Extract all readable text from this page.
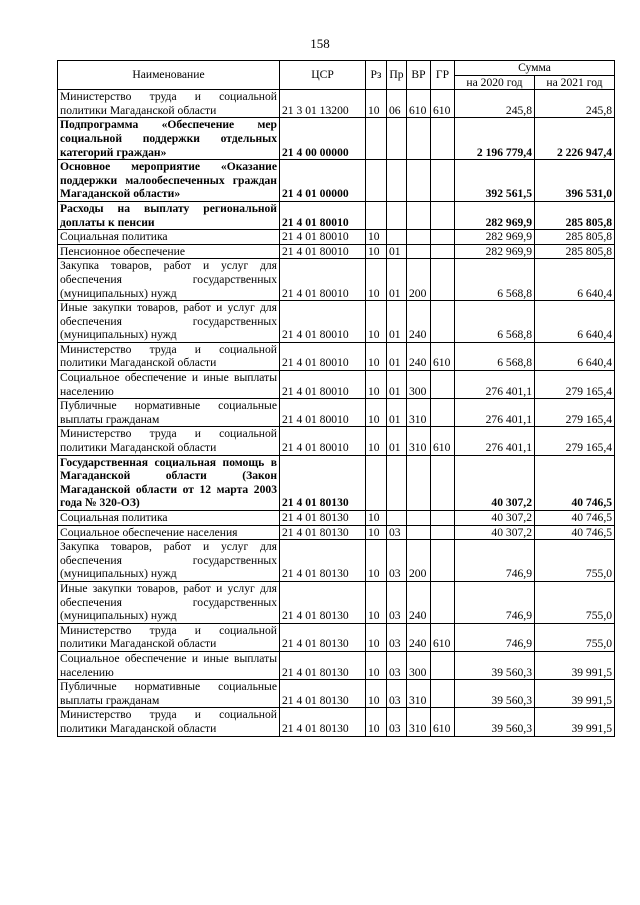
158
Наименование	ЦСР	Рз	Пр	ВР	ГР	Сумма	
						на 2020 год	на 2021 год
Министерство труда и социальной политики Магаданской области	21 3 01 13200	10	06	610	610	245,8	245,8
Подпрограмма «Обеспечение мер социальной поддержки отдельных категорий граждан»	21 4 00 00000					2 196 779,4	2 226 947,4
Основное мероприятие «Оказание поддержки малообеспеченных граждан Магаданской области»	21 4 01 00000					392 561,5	396 531,0
Расходы на выплату региональной доплаты к пенсии	21 4 01 80010					282 969,9	285 805,8
Социальная политика	21 4 01 80010	10				282 969,9	285 805,8
Пенсионное обеспечение	21 4 01 80010	10	01			282 969,9	285 805,8
Закупка товаров, работ и услуг для обеспечения государственных (муниципальных) нужд	21 4 01 80010	10	01	200		6 568,8	6 640,4
Иные закупки товаров, работ и услуг для обеспечения государственных (муниципальных) нужд	21 4 01 80010	10	01	240		6 568,8	6 640,4
Министерство труда и социальной политики Магаданской области	21 4 01 80010	10	01	240	610	6 568,8	6 640,4
Социальное обеспечение и иные выплаты населению	21 4 01 80010	10	01	300		276 401,1	279 165,4
Публичные нормативные социальные выплаты гражданам	21 4 01 80010	10	01	310		276 401,1	279 165,4
Министерство труда и социальной политики Магаданской области	21 4 01 80010	10	01	310	610	276 401,1	279 165,4
Государственная социальная помощь в Магаданской области (Закон Магаданской области от 12 марта 2003 года № 320-ОЗ)	21 4 01 80130					40 307,2	40 746,5
Социальная политика	21 4 01 80130	10				40 307,2	40 746,5
Социальное обеспечение населения	21 4 01 80130	10	03			40 307,2	40 746,5
Закупка товаров, работ и услуг для обеспечения государственных (муниципальных) нужд	21 4 01 80130	10	03	200		746,9	755,0
Иные закупки товаров, работ и услуг для обеспечения государственных (муниципальных) нужд	21 4 01 80130	10	03	240		746,9	755,0
Министерство труда и социальной политики Магаданской области	21 4 01 80130	10	03	240	610	746,9	755,0
Социальное обеспечение и иные выплаты населению	21 4 01 80130	10	03	300		39 560,3	39 991,5
Публичные нормативные социальные выплаты гражданам	21 4 01 80130	10	03	310		39 560,3	39 991,5
Министерство труда и социальной политики Магаданской области	21 4 01 80130	10	03	310	610	39 560,3	39 991,5
